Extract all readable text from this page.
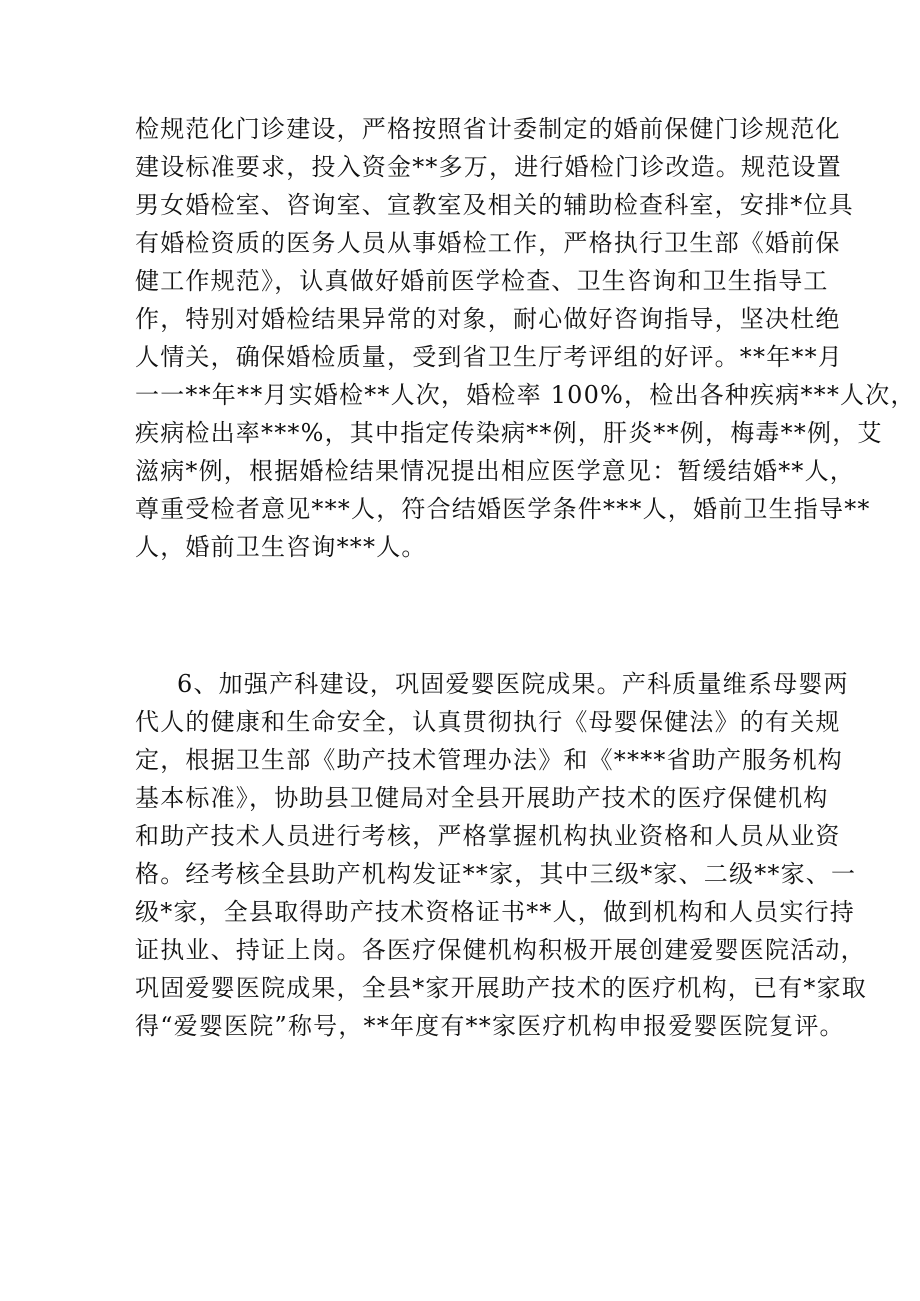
检规范化门诊建设，严格按照省计委制定的婚前保健门诊规范化
建设标准要求，投入资金**多万，进行婚检门诊改造。规范设置
男女婚检室、咨询室、宣教室及相关的辅助检查科室，安排*位具
有婚检资质的医务人员从事婚检工作，严格执行卫生部《婚前保
健工作规范》，认真做好婚前医学检查、卫生咨询和卫生指导工
作，特别对婚检结果异常的对象，耐心做好咨询指导，坚决杜绝
人情关，确保婚检质量，受到省卫生厅考评组的好评。**年**月
一一**年**月实婚检**人次，婚检率 100%，检出各种疾病***人次，
疾病检出率***%，其中指定传染病**例，肝炎**例，梅毒**例，艾
滋病*例，根据婚检结果情况提出相应医学意见：暂缓结婚**人，
尊重受检者意见***人，符合结婚医学条件***人，婚前卫生指导**
人，婚前卫生咨询***人。
6、加强产科建设，巩固爱婴医院成果。产科质量维系母婴两
代人的健康和生命安全，认真贯彻执行《母婴保健法》的有关规
定，根据卫生部《助产技术管理办法》和《****省助产服务机构
基本标准》，协助县卫健局对全县开展助产技术的医疗保健机构
和助产技术人员进行考核，严格掌握机构执业资格和人员从业资
格。经考核全县助产机构发证**家，其中三级*家、二级**家、一
级*家，全县取得助产技术资格证书**人，做到机构和人员实行持
证执业、持证上岗。各医疗保健机构积极开展创建爱婴医院活动，
巩固爱婴医院成果，全县*家开展助产技术的医疗机构，已有*家取
得“爱婴医院”称号，**年度有**家医疗机构申报爱婴医院复评。
